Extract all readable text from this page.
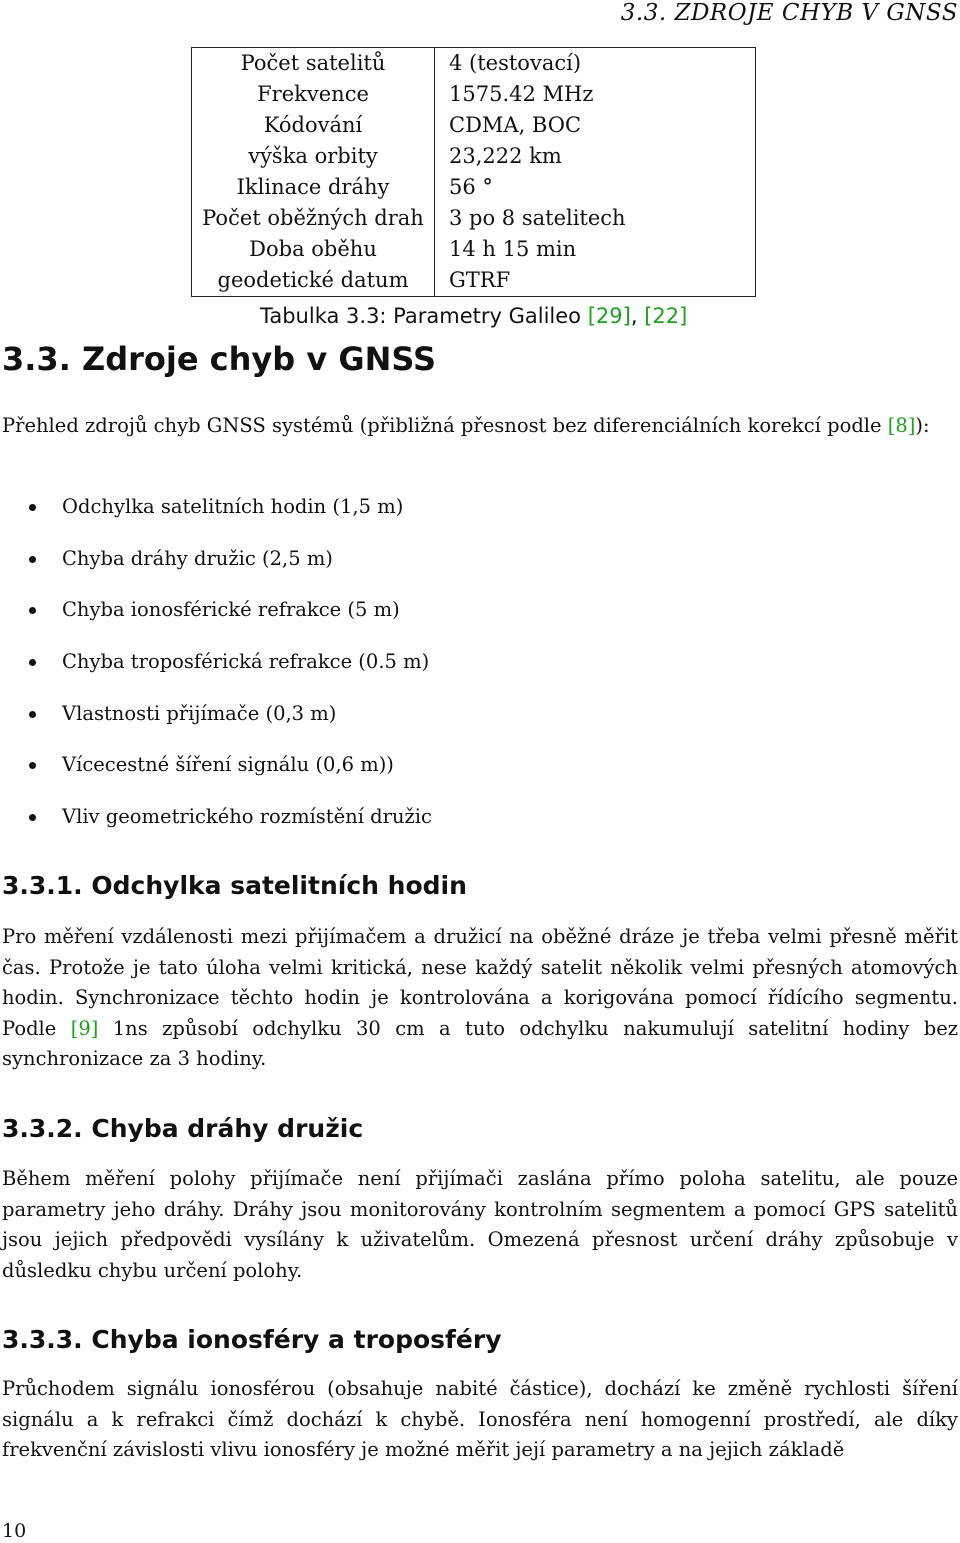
3.3. ZDROJE CHYB V GNSS
Počet satelitů	4 (testovací)
Frekvence	1575.42 MHz
Kódování	CDMA, BOC
výška orbity	23,222 km
Iklinace dráhy	56 °
Počet oběžných drah	3 po 8 satelitech
Doba oběhu	14 h 15 min
geodetické datum	GTRF
Tabulka 3.3: Parametry Galileo [29], [22]
3.3. Zdroje chyb v GNSS

Přehled zdrojů chyb GNSS systémů (přibližná přesnost bez diferenciálních korekcí podle [8]):

Odchylka satelitních hodin (1,5 m)
Chyba dráhy družic (2,5 m)
Chyba ionosférické refrakce (5 m)
Chyba troposférická refrakce (0.5 m)
Vlastnosti přijímače (0,3 m)
Vícecestné šíření signálu (0,6 m))
Vliv geometrického rozmístění družic
3.3.1. Odchylka satelitních hodin

Pro měření vzdálenosti mezi přijímačem a družicí na oběžné dráze je třeba velmi přesně měřit čas. Protože je tato úloha velmi kritická, nese každý satelit několik velmi přesných atomových hodin. Synchronizace těchto hodin je kontrolována a korigována pomocí řídícího segmentu. Podle [9] 1ns způsobí odchylku 30 cm a tuto odchylku nakumulují satelitní hodiny bez synchronizace za 3 hodiny.

3.3.2. Chyba dráhy družic

Během měření polohy přijímače není přijímači zaslána přímo poloha satelitu, ale pouze parametry jeho dráhy. Dráhy jsou monitorovány kontrolním segmentem a pomocí GPS satelitů jsou jejich předpovědi vysílány k uživatelům. Omezená přesnost určení dráhy způsobuje v důsledku chybu určení polohy.

3.3.3. Chyba ionosféry a troposféry

Průchodem signálu ionosférou (obsahuje nabité částice), dochází ke změně rychlosti šíření signálu a k refrakci čímž dochází k chybě. Ionosféra není homogenní prostředí, ale díky frekvenční závislosti vlivu ionosféry je možné měřit její parametry a na jejich základě

10
